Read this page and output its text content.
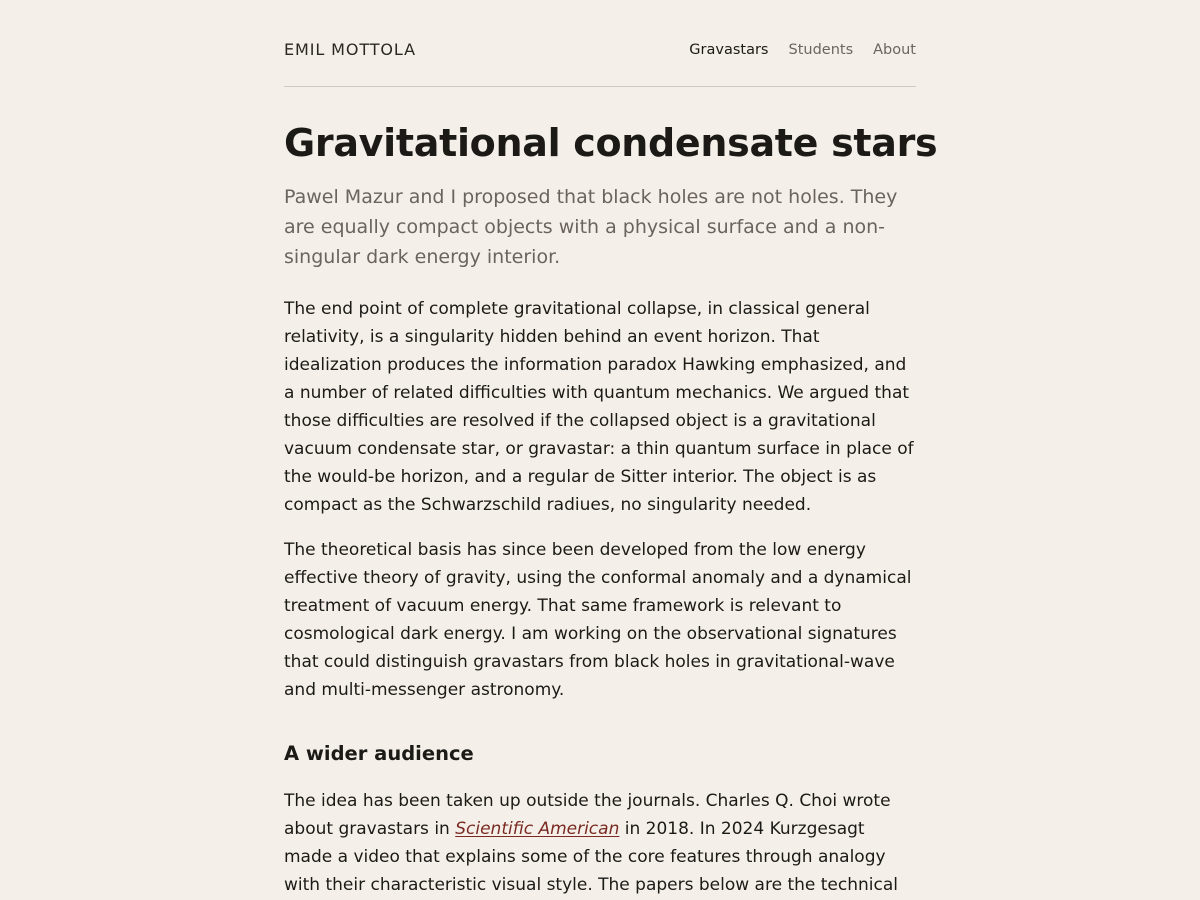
EMIL MOTTOLA	Gravastars Students About
Gravitational condensate stars

Pawel Mazur and I proposed that black holes are not holes. They are equally compact objects with a physical surface and a non-singular dark energy interior.

The end point of complete gravitational collapse, in classical general relativity, is a singularity hidden behind an event horizon. That idealization produces the information paradox Hawking emphasized, and a number of related difficulties with quantum mechanics. We argued that those difficulties are resolved if the collapsed object is a gravitational vacuum condensate star, or gravastar: a thin quantum surface in place of the would-be horizon, and a regular de Sitter interior. The object is as compact as the Schwarzschild radiues, no singularity needed.

The theoretical basis has since been developed from the low energy effective theory of gravity, using the conformal anomaly and a dynamical treatment of vacuum energy. That same framework is relevant to cosmological dark energy. I am working on the observational signatures that could distinguish gravastars from black holes in gravitational-wave and multi-messenger astronomy.

A wider audience

The idea has been taken up outside the journals. Charles Q. Choi wrote about gravastars in Scientific American in 2018. In 2024 Kurzgesagt made a video that explains some of the core features through analogy with their characteristic visual style. The papers below are the technical
